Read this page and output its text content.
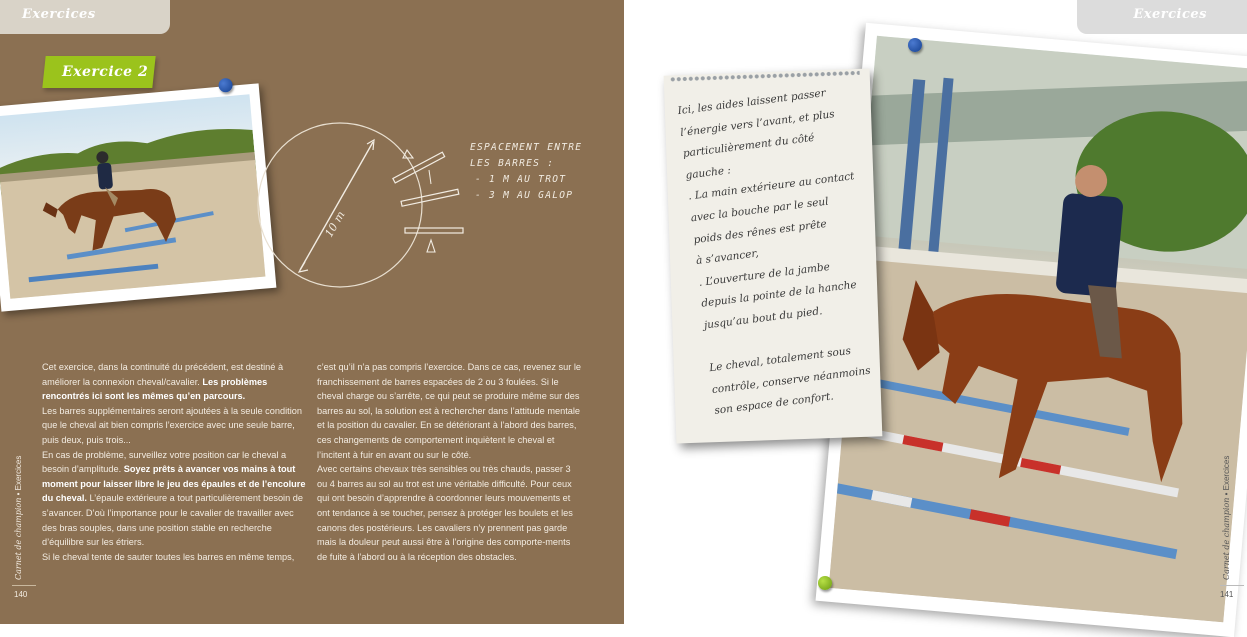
Exercices
Exercice 2
10 m
ESPACEMENT ENTRE
LES BARRES :
- 1 M AU TROT
- 3 M AU GALOP

Cet exercice, dans la continuité du précédent, est destiné à améliorer la connexion cheval/cavalier. Les problèmes rencontrés ici sont les mêmes qu’en parcours.

Les barres supplémentaires seront ajoutées à la seule condition que le cheval ait bien compris l’exercice avec une seule barre, puis deux, puis trois...

En cas de problème, surveillez votre position car le cheval a besoin d’amplitude. Soyez prêts à avancer vos mains à tout moment pour laisser libre le jeu des épaules et de l’encolure du cheval. L’épaule extérieure a tout particulièrement besoin de s’avancer. D’où l’importance pour le cavalier de travailler avec des bras souples, dans une position stable en recherche d’équilibre sur les étriers.

Si le cheval tente de sauter toutes les barres en même temps,

c’est qu’il n’a pas compris l’exercice. Dans ce cas, revenez sur le franchissement de barres espacées de 2 ou 3 foulées. Si le cheval charge ou s’arrête, ce qui peut se produire même sur des barres au sol, la solution est à rechercher dans l’attitude mentale et la position du cavalier. En se détériorant à l’abord des barres, ces changements de comportement inquiètent le cheval et l’incitent à fuir en avant ou sur le côté.

Avec certains chevaux très sensibles ou très chauds, passer 3 ou 4 barres au sol au trot est une véritable difficulté. Pour ceux qui ont besoin d’apprendre à coordonner leurs mouvements et ont tendance à se toucher, pensez à protéger les boulets et les canons des postérieurs. Les cavaliers n’y prennent pas garde mais la douleur peut aussi être à l’origine des comporte-ments de fuite à l’abord ou à la réception des obstacles.

Carnet de champion • Exercices
140
Exercices
Ici, les aides laissent passer
l’énergie vers l’avant, et plus
particulièrement du côté
gauche :
. La main extérieure au contact
avec la bouche par le seul
poids des rênes est prête
à s’avancer,
. L’ouverture de la jambe
depuis la pointe de la hanche
jusqu’au bout du pied.

Le cheval, totalement sous
contrôle, conserve néanmoins
son espace de confort.
Carnet de champion • Exercices
141
